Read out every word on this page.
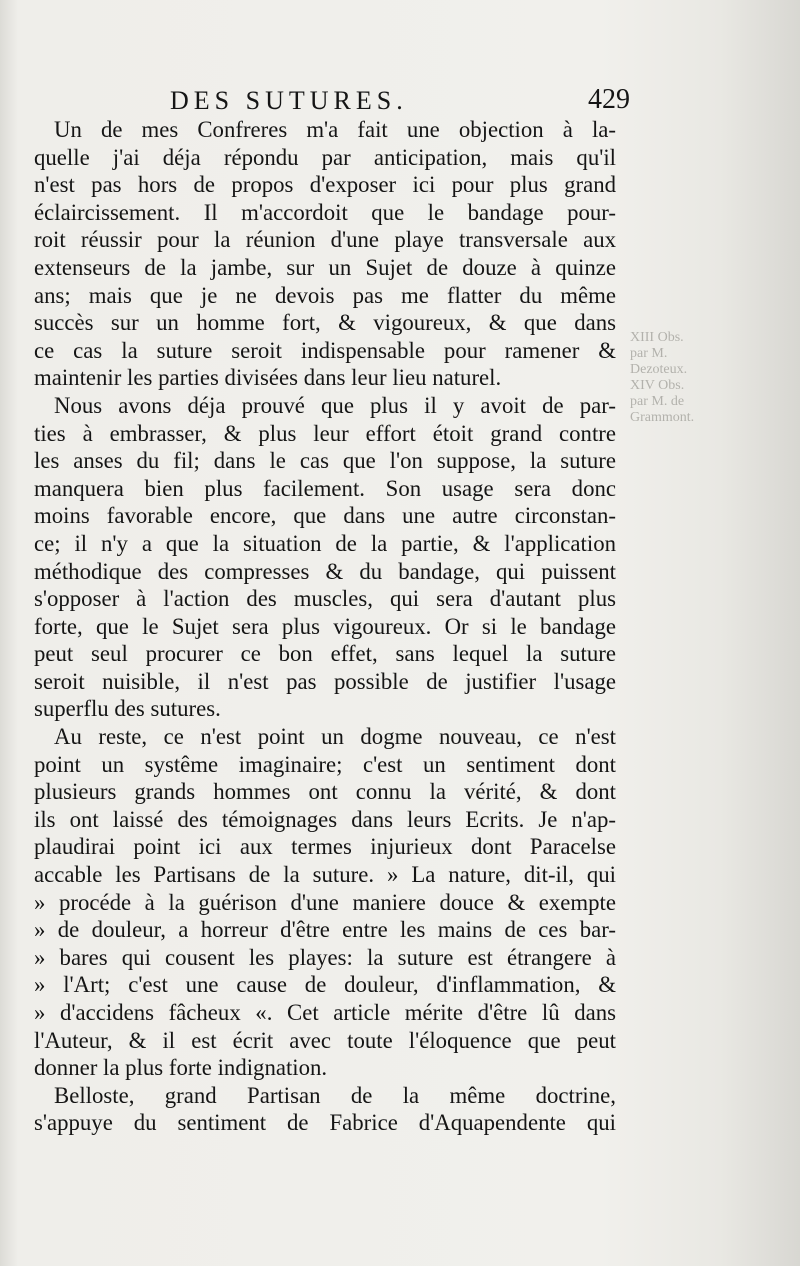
DES SUTURES.	429
Un de mes Confreres m'a fait une objection à la-
quelle j'ai déja répondu par anticipation, mais qu'il
n'est pas hors de propos d'exposer ici pour plus grand
éclaircissement. Il m'accordoit que le bandage pour-
roit réussir pour la réunion d'une playe transversale aux
extenseurs de la jambe, sur un Sujet de douze à quinze
ans; mais que je ne devois pas me flatter du même
succès sur un homme fort, & vigoureux, & que dans
ce cas la suture seroit indispensable pour ramener &
maintenir les parties divisées dans leur lieu naturel.
Nous avons déja prouvé que plus il y avoit de par-
ties à embrasser, & plus leur effort étoit grand contre
les anses du fil; dans le cas que l'on suppose, la suture
manquera bien plus facilement. Son usage sera donc
moins favorable encore, que dans une autre circonstan-
ce; il n'y a que la situation de la partie, & l'application
méthodique des compresses & du bandage, qui puissent
s'opposer à l'action des muscles, qui sera d'autant plus
forte, que le Sujet sera plus vigoureux. Or si le bandage
peut seul procurer ce bon effet, sans lequel la suture
seroit nuisible, il n'est pas possible de justifier l'usage
superflu des sutures.
Au reste, ce n'est point un dogme nouveau, ce n'est
point un systême imaginaire; c'est un sentiment dont
plusieurs grands hommes ont connu la vérité, & dont
ils ont laissé des témoignages dans leurs Ecrits. Je n'ap-
plaudirai point ici aux termes injurieux dont Paracelse
accable les Partisans de la suture. » La nature, dit-il, qui
» procéde à la guérison d'une maniere douce & exempte
» de douleur, a horreur d'être entre les mains de ces bar-
» bares qui cousent les playes: la suture est étrangere à
» l'Art; c'est une cause de douleur, d'inflammation, &
» d'accidens fâcheux «. Cet article mérite d'être lû dans
l'Auteur, & il est écrit avec toute l'éloquence que peut
donner la plus forte indignation.
Belloste, grand Partisan de la même doctrine,
s'appuye du sentiment de Fabrice d'Aquapendente qui
XIII Obs.
par M.
Dezoteux.
XIV Obs.
par M. de
Grammont.
